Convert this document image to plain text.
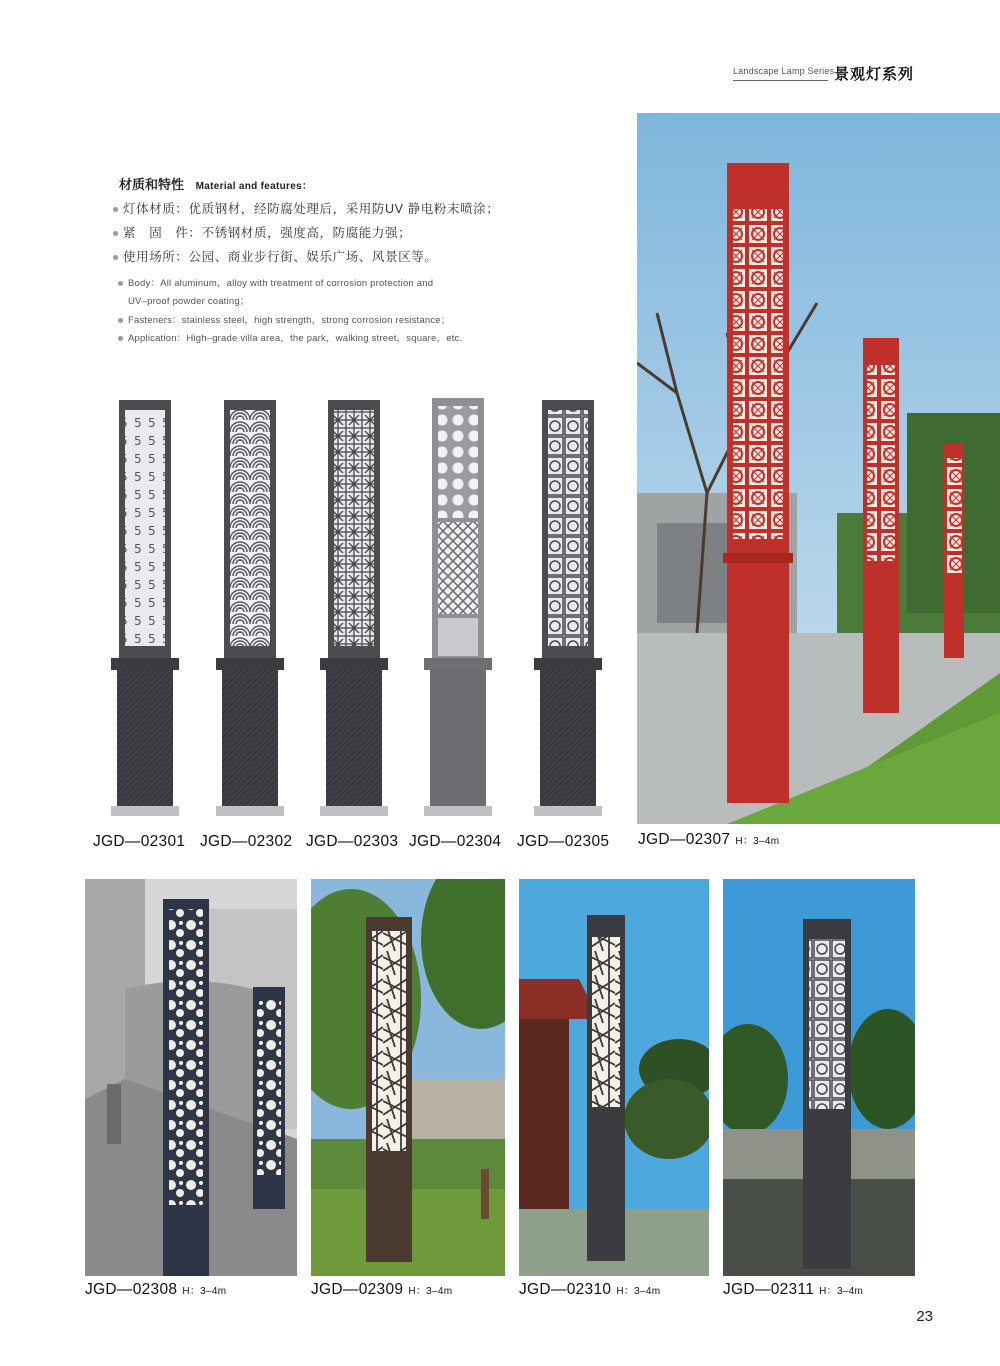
Landscape Lamp Series 景观灯系列
材质和特性 Material and features：
灯体材质：优质钢材，经防腐处理后，采用防UV 静电粉末喷涂；
紧　固　件：不锈钢材质，强度高，防腐能力强；
使用场所：公园、商业步行街、娱乐广场、风景区等。
Body：All aluminum，alloy with treatment of corrosion protection and
UV–proof powder coating；
Fasteners：stainless steel，high strength，strong corrosion resistance；
Application：High–grade villa area，the park，walking street，square，etc．
JGD—02301 JGD—02302 JGD—02303 JGD—02304 JGD—02305 JGD—02307 H：3–4m
JGD—02308 H：3–4m	JGD—02309 H：3–4m	JGD—02310 H：3–4m	JGD—02311 H：3–4m
23
